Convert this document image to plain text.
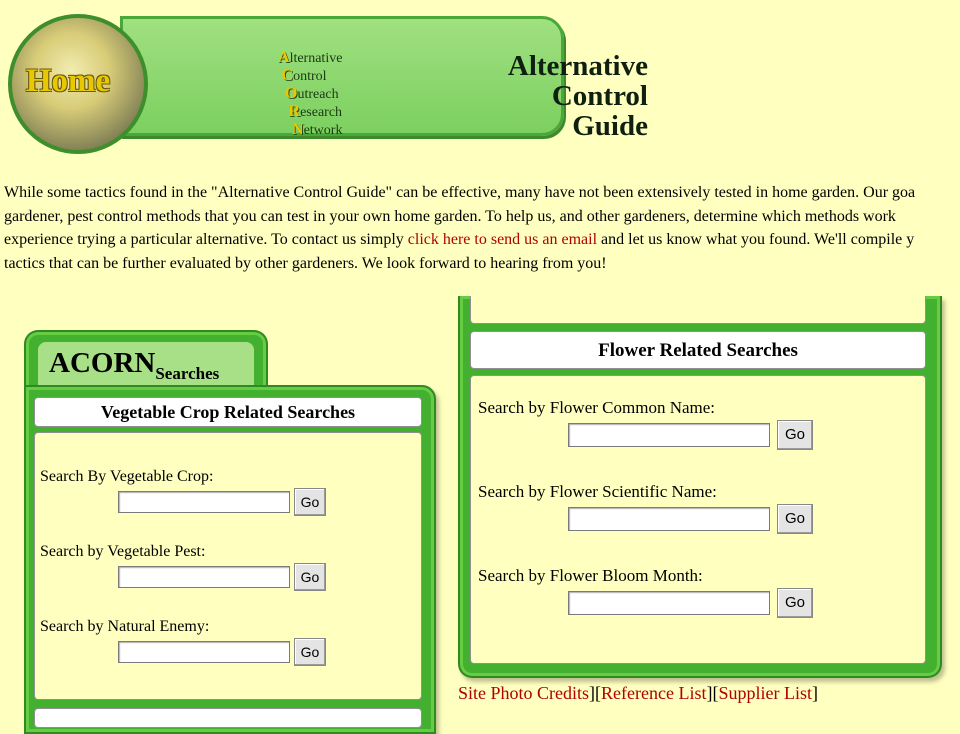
Alternative
Control
Outreach
Research
Network
Alternative
Control
Guide
Home
While some tactics found in the "Alternative Control Guide" can be effective, many have not been extensively tested in home garden. Our goa
gardener, pest control methods that you can test in your own home garden. To help us, and other gardeners, determine which methods work
experience trying a particular alternative. To contact us simply click here to send us an email and let us know what you found. We'll compile y
tactics that can be further evaluated by other gardeners. We look forward to hearing from you!
$ACORN_{Searches}$
Vegetable Crop Related Searches
Search By Vegetable Crop:
Go
Search by Vegetable Pest:
Go
Search by Natural Enemy:
Go
Flower Related Searches
Search by Flower Common Name:
Go
Search by Flower Scientific Name:
Go
Search by Flower Bloom Month:
Go
Site Photo Credits][Reference List][Supplier List]
